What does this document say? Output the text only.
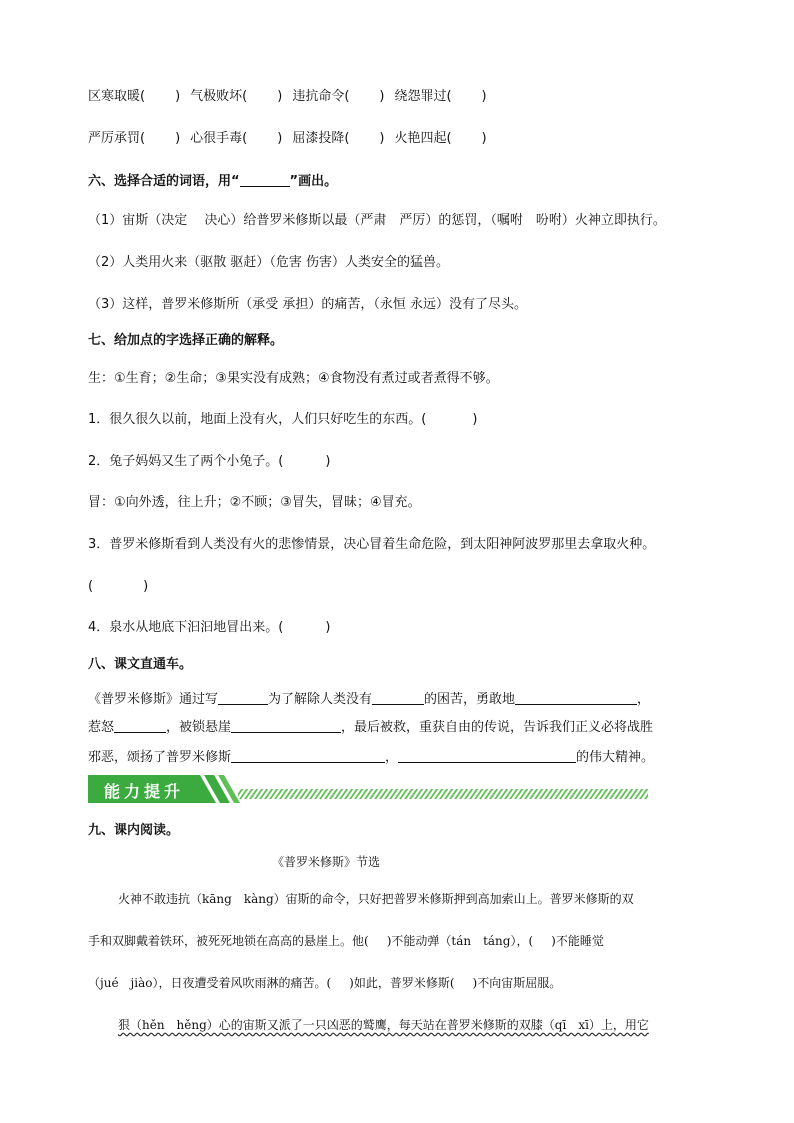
区寒取暖( ) 气极败坏( ) 违抗命令( ) 绕怨罪过( )
严厉承罚( ) 心很手毒( ) 屈漆投降( ) 火艳四起( )
六、选择合适的词语，用“	”画出。
（1）宙斯（决定　 决心）给普罗米修斯以最（严肃　严厉）的惩罚，（嘱咐　吩咐）火神立即执行。
（2）人类用火来（驱散 驱赶）（危害 伤害）人类安全的猛兽。
（3）这样，普罗米修斯所（承受 承担）的痛苦，（永恒 永远）没有了尽头。
七、给加点的字选择正确的解释。
生：①生育；②生命；③果实没有成熟；④食物没有煮过或者煮得不够。
1．很久很久以前，地面上没有火，人们只好吃生的东西。(	)
2．兔子妈妈又生了两个小兔子。(	)
冒：①向外透，往上升；②不顾；③冒失，冒昧；④冒充。
3．普罗米修斯看到人类没有火的悲惨情景，决心冒着生命危险，到太阳神阿波罗那里去拿取火种。
(	)
4．泉水从地底下汩汩地冒出来。(	)
八、课文直通车。
《普罗米修斯》通过写	为了解除人类没有	的困苦，勇敢地	，
惹怒	，被锁悬崖	，最后被救，重获自由的传说，告诉我们正义必将战胜
邪恶，颂扬了普罗米修斯	，	的伟大精神。
能力提升
九、课内阅读。
《普罗米修斯》节选
火神不敢违抗（kāng　kàng）宙斯的命令，只好把普罗米修斯押到高加索山上。普罗米修斯的双
手和双脚戴着铁环，被死死地锁在高高的悬崖上。他( )不能动弹（tán　táng），( )不能睡觉
（jué　jiào），日夜遭受着风吹雨淋的痛苦。( )如此，普罗米修斯( )不向宙斯屈服。
狠（hěn　hěng）心的宙斯又派了一只凶恶的鹫鹰，每天站在普罗米修斯的双膝（qī　xī）上，用它
